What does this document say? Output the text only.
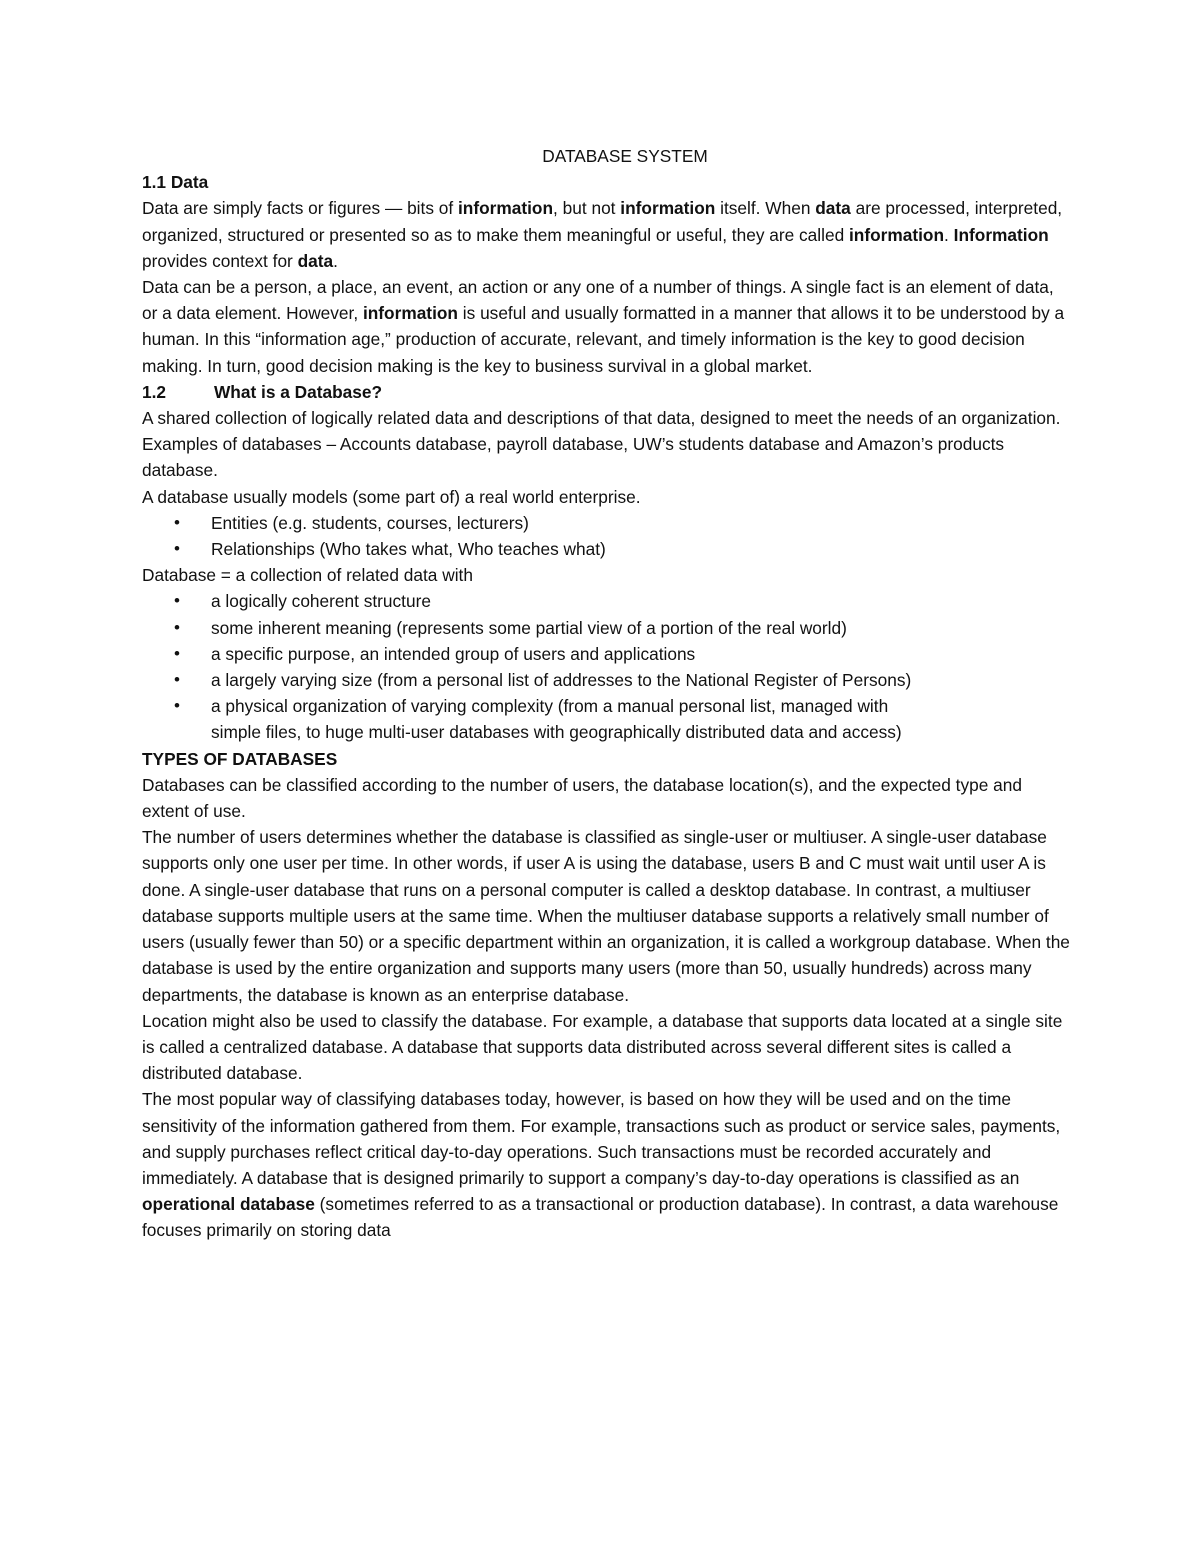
DATABASE SYSTEM

1.1 Data

Data are simply facts or figures — bits of information, but not information itself. When data are processed, interpreted, organized, structured or presented so as to make them meaningful or useful, they are called information. Information provides context for data.

Data can be a person, a place, an event, an action or any one of a number of things. A single fact is an element of data, or a data element. However, information is useful and usually formatted in a manner that allows it to be understood by a human. In this “information age,” production of accurate, relevant, and timely information is the key to good decision making. In turn, good decision making is the key to business survival in a global market.

1.2	What is a Database?

A shared collection of logically related data and descriptions of that data, designed to meet the needs of an organization. Examples of databases – Accounts database, payroll database, UW’s students database and Amazon’s products database.

A database usually models (some part of) a real world enterprise.

• Entities (e.g. students, courses, lecturers)
• Relationships (Who takes what, Who teaches what)

Database = a collection of related data with

• a logically coherent structure
• some inherent meaning (represents some partial view of a portion of the real world)
• a specific purpose, an intended group of users and applications
• a largely varying size (from a personal list of addresses to the National Register of Persons)
• a physical organization of varying complexity (from a manual personal list, managed with simple files, to huge multi-user databases with geographically distributed data and access)

TYPES OF DATABASES

Databases can be classified according to the number of users, the database location(s), and the expected type and extent of use.

The number of users determines whether the database is classified as single-user or multiuser. A single-user database supports only one user per time. In other words, if user A is using the database, users B and C must wait until user A is done. A single-user database that runs on a personal computer is called a desktop database. In contrast, a multiuser database supports multiple users at the same time. When the multiuser database supports a relatively small number of users (usually fewer than 50) or a specific department within an organization, it is called a workgroup database. When the database is used by the entire organization and supports many users (more than 50, usually hundreds) across many departments, the database is known as an enterprise database.

Location might also be used to classify the database. For example, a database that supports data located at a single site is called a centralized database. A database that supports data distributed across several different sites is called a distributed database.

The most popular way of classifying databases today, however, is based on how they will be used and on the time sensitivity of the information gathered from them. For example, transactions such as product or service sales, payments, and supply purchases reflect critical day-to-day operations. Such transactions must be recorded accurately and immediately. A database that is designed primarily to support a company’s day-to-day operations is classified as an operational database (sometimes referred to as a transactional or production database). In contrast, a data warehouse focuses primarily on storing data
